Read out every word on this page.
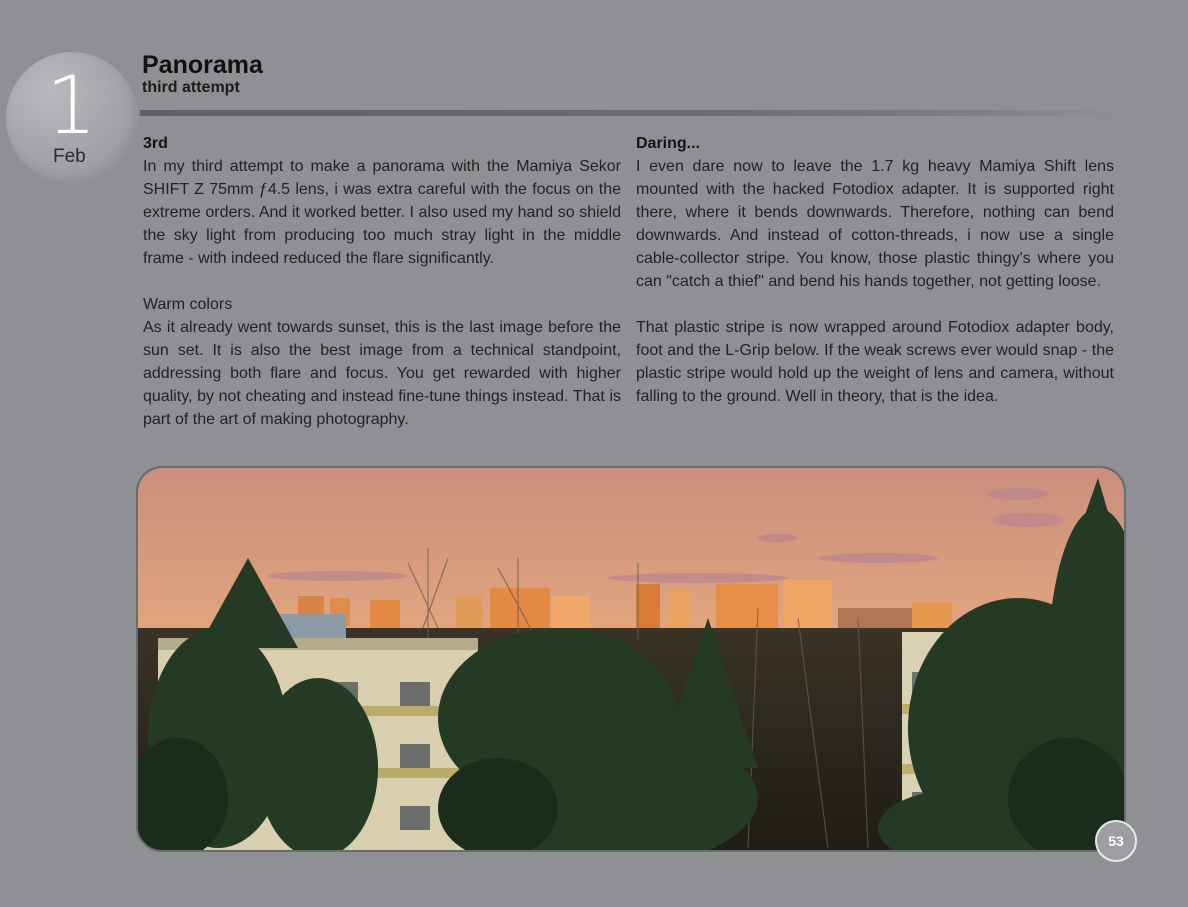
1
Feb
Panorama
third attempt

3rd

In my third attempt to make a panorama with the Mamiya Sekor SHIFT Z 75mm ƒ4.5 lens, i was extra careful with the focus on the extreme orders. And it worked better. I also used my hand so shield the sky light from producing too much stray light in the middle frame - with indeed reduced the flare significantly.

Warm colors

As it already went towards sunset, this is the last image before the sun set. It is also the best image from a technical standpoint, addressing both flare and focus. You get rewarded with higher quality, by not cheating and instead fine-tune things instead. That is part of the art of making photography.

Daring...

I even dare now to leave the 1.7 kg heavy Mamiya Shift lens mounted with the hacked Fotodiox adapter. It is supported right there, where it bends downwards. Therefore, nothing can bend downwards. And instead of cotton-threads, i now use a single cable-collector stripe. You know, those plastic thingy's where you can "catch a thief" and bend his hands together, not getting loose.

That plastic stripe is now wrapped around Fotodiox adapter body, foot and the L-Grip below. If the weak screws ever would snap - the plastic stripe would hold up the weight of lens and camera, without falling to the ground. Well in theory, that is the idea.

53
